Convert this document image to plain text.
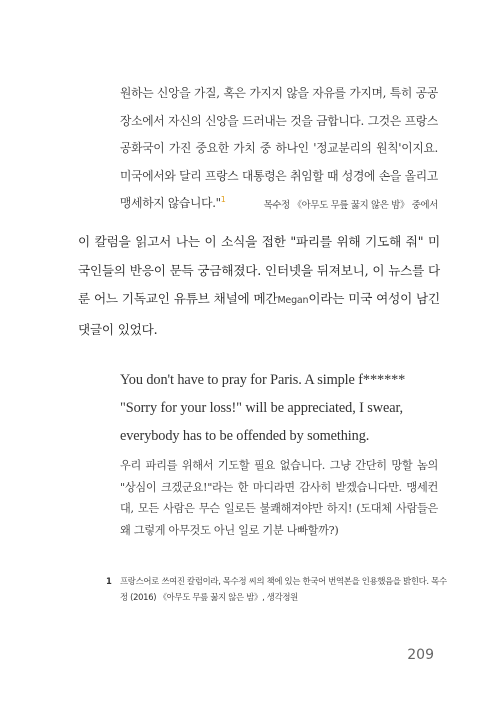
원하는 신앙을 가질, 혹은 가지지 않을 자유를 가지며, 특히 공공장소에서 자신의 신앙을 드러내는 것을 금합니다. 그것은 프랑스 공화국이 가진 중요한 가치 중 하나인 '정교분리의 원칙'이지요. 미국에서와 달리 프랑스 대통령은 취임할 때 성경에 손을 올리고 맹세하지 않습니다."$^1$

목수정 《아무도 무릎 꿇지 않은 밤》 중에서

이 칼럼을 읽고서 나는 이 소식을 접한 "파리를 위해 기도해 줘" 미국인들의 반응이 문득 궁금해졌다. 인터넷을 뒤져보니, 이 뉴스를 다룬 어느 기독교인 유튜브 채널에 메간Megan이라는 미국 여성이 남긴 댓글이 있었다.

You don't have to pray for Paris. A simple f****** "Sorry for your loss!" will be appreciated, I swear, everybody has to be offended by something.

우리 파리를 위해서 기도할 필요 없습니다. 그냥 간단히 망할 놈의 "상심이 크겠군요!"라는 한 마디라면 감사히 받겠습니다만. 맹세컨대, 모든 사람은 무슨 일로든 불쾌해져야만 하지! (도대체 사람들은 왜 그렇게 아무것도 아닌 일로 기분 나빠할까?)

1 프랑스어로 쓰여진 칼럼이라, 목수정 씨의 책에 있는 한국어 번역본을 인용했음을 밝힌다. 목수정 (2016) 《아무도 무릎 꿇지 않은 밤》, 생각정원
209
